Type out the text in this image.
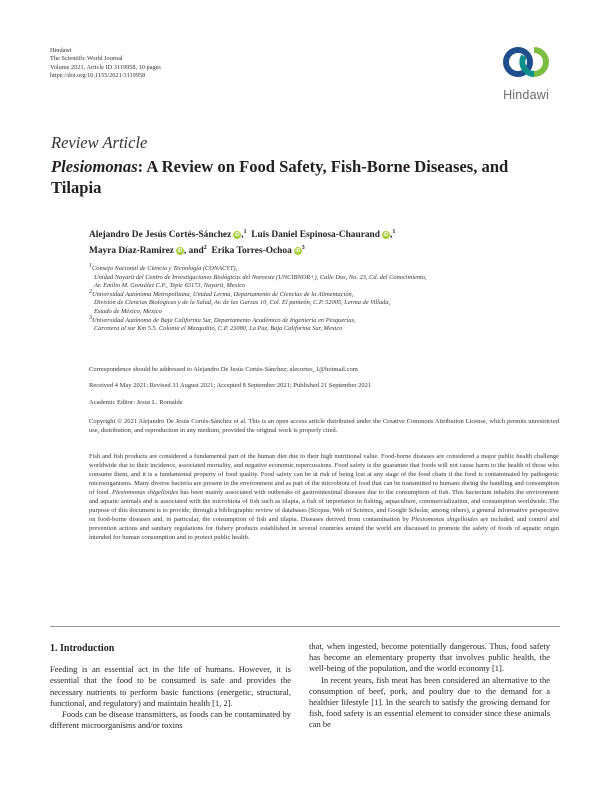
Hindawi
The Scientific World Journal
Volume 2021, Article ID 3119958, 10 pages
https://doi.org/10.1155/2021/3119958
Hindawi
Review Article
Plesiomonas: A Review on Food Safety, Fish-Borne Diseases, and Tilapia
Alejandro De Jesús Cortés-Sánchez iD ,$^1$ Luis Daniel Espinosa-Chaurand iD ,$^1$
Mayra Díaz-Ramirez iD , and$^2$ Erika Torres-Ochoa $iD^3$

1Consejo Nacional de Ciencia y Tecnología (CONACYT),

Unidad Nayarit del Centro de Investigaciones Biológicas del Noroeste (UNCIBNOR+), Calle Dos, No. 23, Cd. del Conocimiento,

Av. Emilio M. González C.P., Tepic 63173, Nayarit, Mexico

2Universidad Autónoma Metropolitana, Unidad Lerma, Departamento de Ciencias de la Alimentación,

División de Ciencias Biológicas y de la Salud, Av. de las Garzas 10, Col. El panteón, C.P. 52005, Lerma de Villada,

Estado de México, Mexico

3Universidad Autónoma de Baja California Sur, Departamento Académico de Ingeniería en Pesquerías,

Carretera al sur Km 5.5. Colonia el Mezquitito, C.P. 23080, La Paz, Baja California Sur, Mexico

Correspondence should be addressed to Alejandro De Jesús Cortés-Sánchez; alecortes_1@hotmail.com
Received 4 May 2021; Revised 31 August 2021; Accepted 8 September 2021; Published 21 September 2021
Academic Editor: Jesus L. Romalde
Copyright © 2021 Alejandro De Jesús Cortés-Sánchez et al. This is an open access article distributed under the Creative Commons Attribution License, which permits unrestricted use, distribution, and reproduction in any medium, provided the original work is properly cited.
Fish and fish products are considered a fundamental part of the human diet due to their high nutritional value. Food-borne diseases are considered a major public health challenge worldwide due to their incidence, associated mortality, and negative economic repercussions. Food safety is the guarantee that foods will not cause harm to the health of those who consume them, and it is a fundamental property of food quality. Food safety can be at risk of being lost at any stage of the food chain if the food is contaminated by pathogenic microorganisms. Many diverse bacteria are present in the environment and as part of the microbiota of food that can be transmitted to humans during the handling and consumption of food. Plesiomonas shigelloides has been mainly associated with outbreaks of gastrointestinal diseases due to the consumption of fish. This bacterium inhabits the environment and aquatic animals and is associated with the microbiota of fish such as tilapia, a fish of importance in fishing, aquaculture, commercialization, and consumption worldwide. The purpose of this document is to provide, through a bibliographic review of databases (Scopus, Web of Science, and Google Scholar, among others), a general informative perspective on food-borne diseases and, in particular, the consumption of fish and tilapia. Diseases derived from contamination by Plesiomonas shigelloides are included, and control and prevention actions and sanitary regulations for fishery products established in several countries around the world are discussed to promote the safety of foods of aquatic origin intended for human consumption and to protect public health.
1. Introduction

Feeding is an essential act in the life of humans. However, it is essential that the food to be consumed is safe and provides the necessary nutrients to perform basic functions (energetic, structural, functional, and regulatory) and maintain health [1, 2].

Foods can be disease transmitters, as foods can be contaminated by different microorganisms and/or toxins

that, when ingested, become potentially dangerous. Thus, food safety has become an elementary property that involves public health, the well-being of the population, and the world economy [1].

In recent years, fish meat has been considered an alternative to the consumption of beef, pork, and poultry due to the demand for a healthier lifestyle [1]. In the search to satisfy the growing demand for fish, food safety is an essential element to consider since these animals can be
